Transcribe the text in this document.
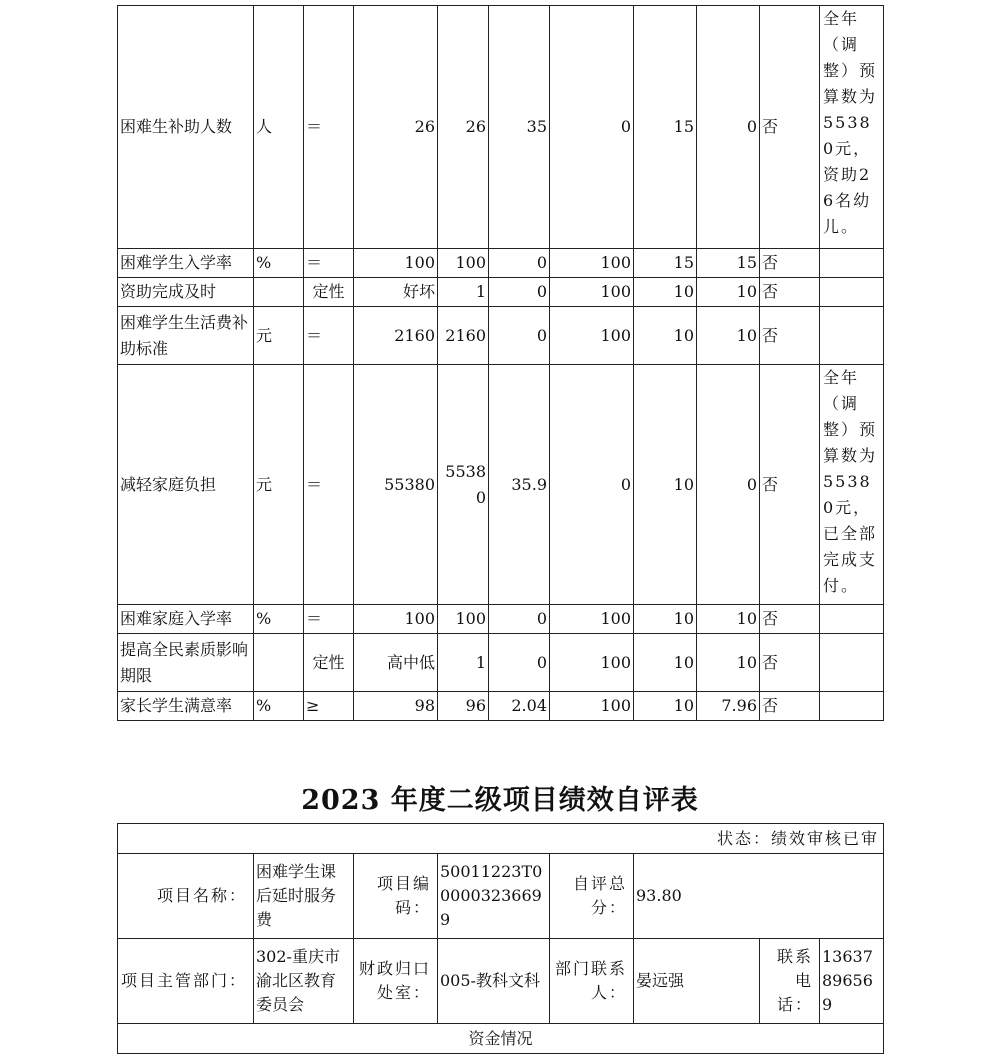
困难生补助人数	人	＝	26	26	35	0	15	0	否	全年（调整）预算数为55380元，资助26名幼儿。
困难学生入学率	%	＝	100	100	0	100	15	15	否	
资助完成及时		定性	好坏	1	0	100	10	10	否	
困难学生生活费补助标准	元	＝	2160	2160	0	100	10	10	否	
减轻家庭负担	元	＝	55380	55380	35.9	0	10	0	否	全年（调整）预算数为55380元，已全部完成支付。
困难家庭入学率	%	＝	100	100	0	100	10	10	否	
提高全民素质影响期限		定性	高中低	1	0	100	10	10	否	
家长学生满意率	%	≥	98	96	2.04	100	10	7.96	否	
2023 年度二级项目绩效自评表
状态：绩效审核已审							
项目名称：	困难学生课后延时服务费	项目编码：	50011223T000003236699	自评总分：	93.80		
项目主管部门：	302-重庆市渝北区教育委员会	财政归口处室：	005-教科文科	部门联系人：	晏远强	联系电话：	13637896569
资金情况							
